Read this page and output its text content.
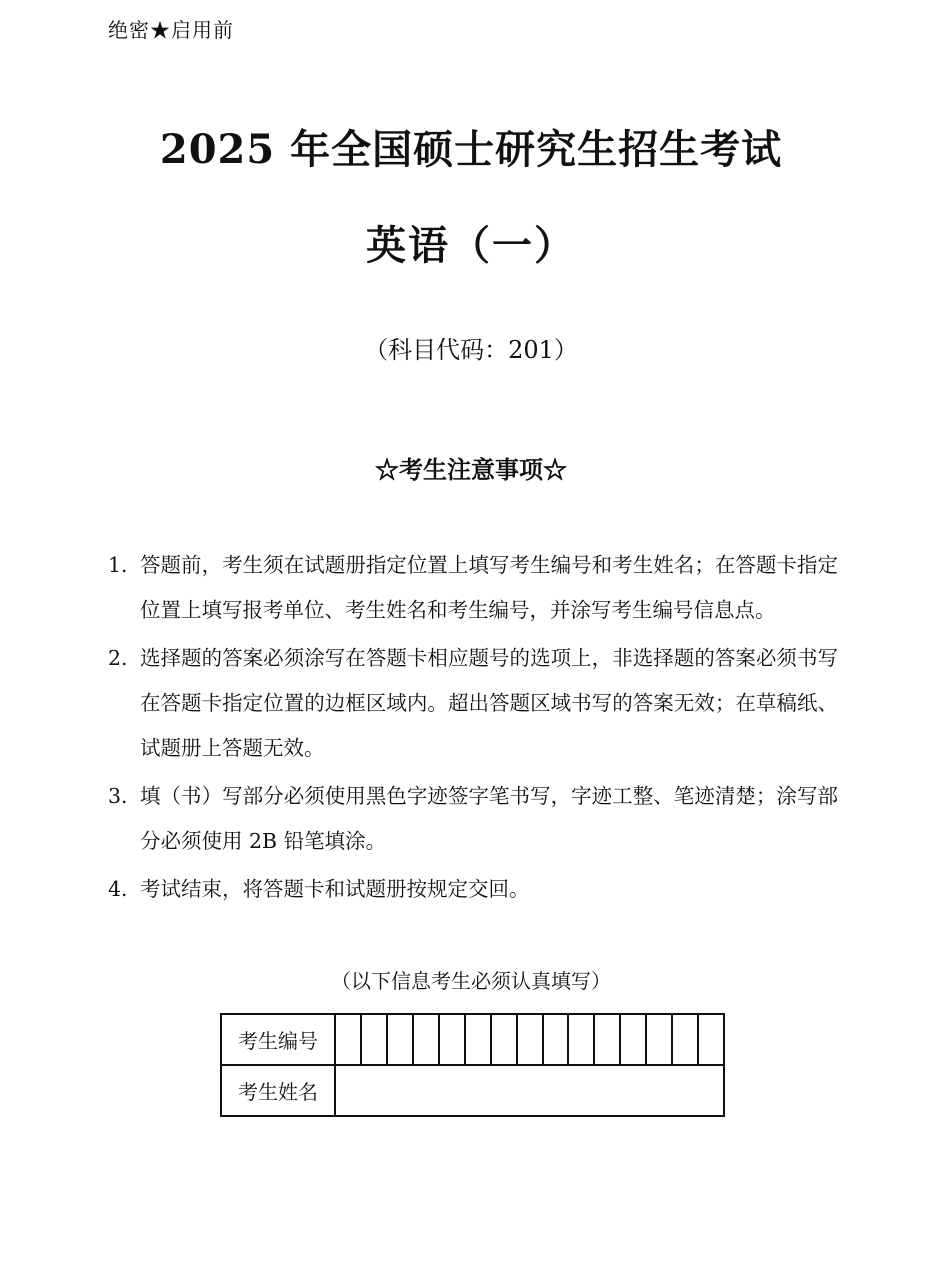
绝密★启用前
2025 年全国硕士研究生招生考试
英语（一）
（科目代码：201）
☆考生注意事项☆
1. 答题前，考生须在试题册指定位置上填写考生编号和考生姓名；在答题卡指定位置上填写报考单位、考生姓名和考生编号，并涂写考生编号信息点。
2. 选择题的答案必须涂写在答题卡相应题号的选项上，非选择题的答案必须书写在答题卡指定位置的边框区域内。超出答题区域书写的答案无效；在草稿纸、试题册上答题无效。
3. 填（书）写部分必须使用黑色字迹签字笔书写，字迹工整、笔迹清楚；涂写部分必须使用 2B 铅笔填涂。
4. 考试结束，将答题卡和试题册按规定交回。
（以下信息考生必须认真填写）
考生编号	

考生姓名	
